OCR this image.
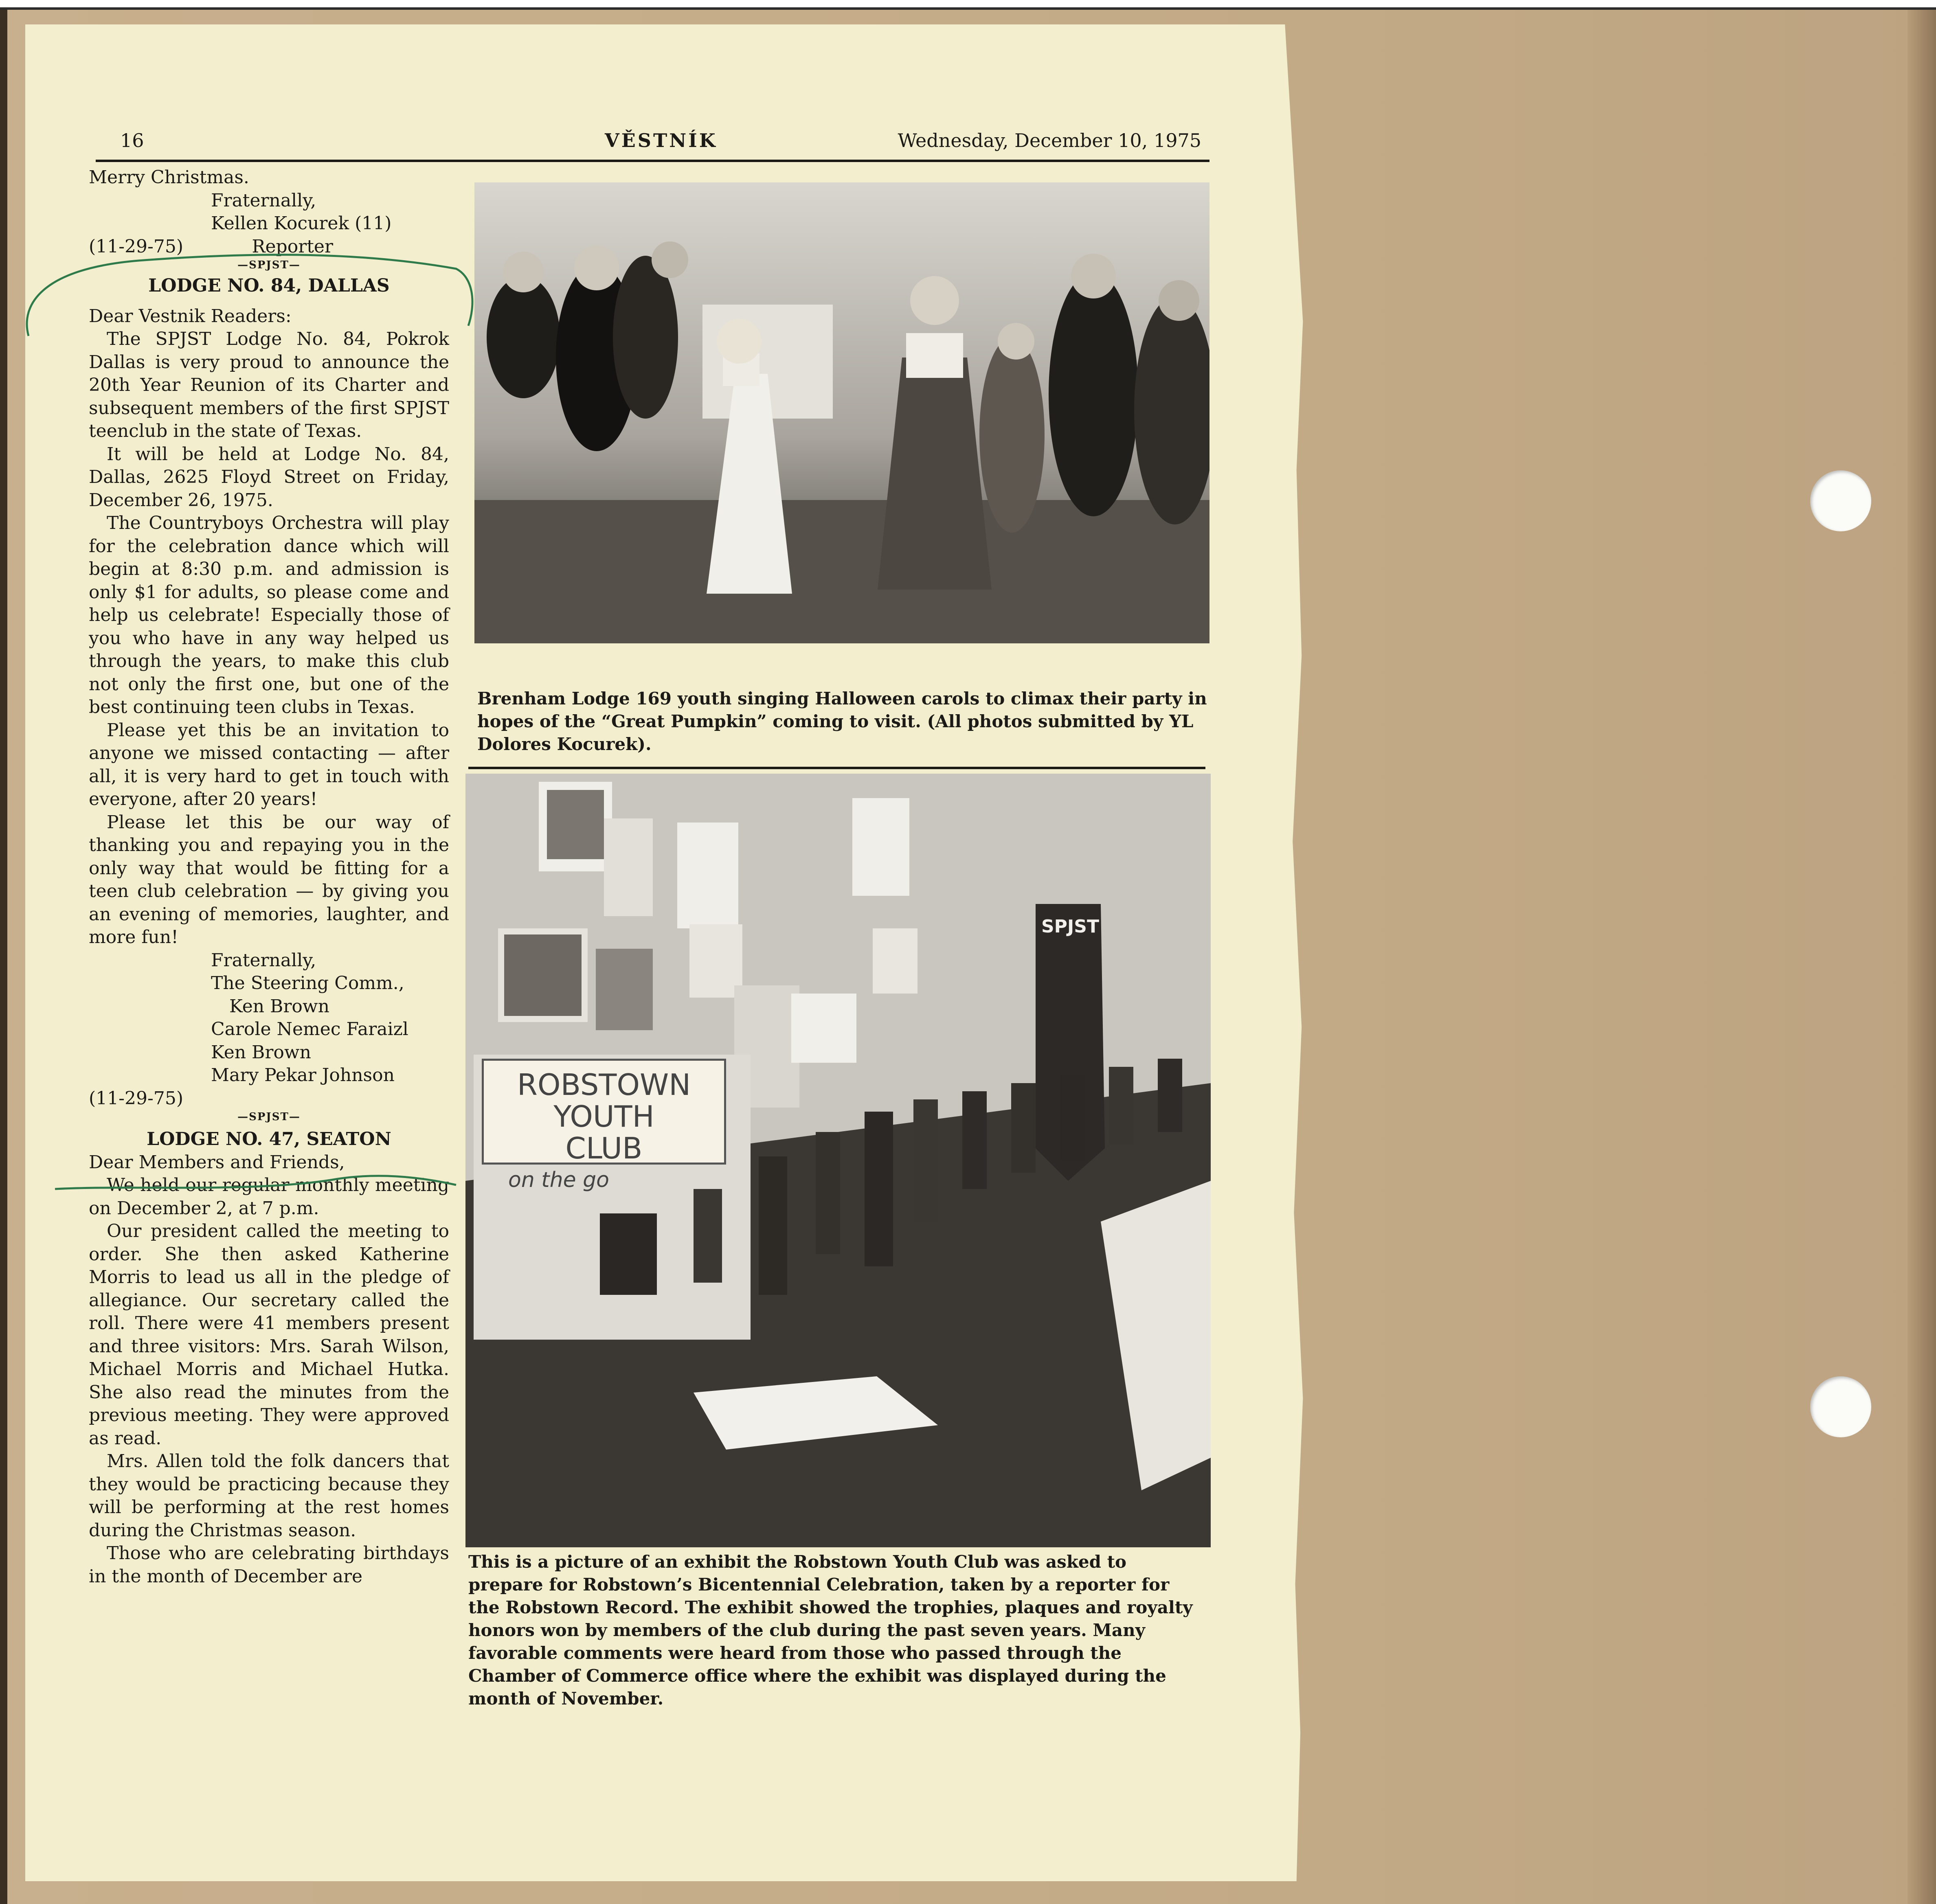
16	VĚSTNÍK	Wednesday, December 10, 1975

Merry Christmas.

Fraternally,

Kellen Kocurek (11)

(11-29-75)	Reporter

—SPJST—

LODGE NO. 84, DALLAS

Dear Vestnik Readers:

The SPJST Lodge No. 84, Pokrok Dallas is very proud to announce the 20th Year Reunion of its Charter and subsequent members of the first SPJST teenclub in the state of Texas.

It will be held at Lodge No. 84, Dallas, 2625 Floyd Street on Friday, December 26, 1975.

The Countryboys Orchestra will play for the celebration dance which will begin at 8:30 p.m. and admission is only $1 for adults, so please come and help us celebrate! Especially those of you who have in any way helped us through the years, to make this club not only the first one, but one of the best continuing teen clubs in Texas.

Please yet this be an invitation to anyone we missed contacting — after all, it is very hard to get in touch with everyone, after 20 years!

Please let this be our way of thanking you and repaying you in the only way that would be fitting for a teen club celebration — by giving you an evening of memories, laughter, and more fun!

Fraternally,

The Steering Comm.,

Ken Brown

Carole Nemec Faraizl

Ken Brown

Mary Pekar Johnson

(11-29-75)

—SPJST—

LODGE NO. 47, SEATON

Dear Members and Friends,

We held our regular monthly meeting on December 2, at 7 p.m.

Our president called the meeting to order. She then asked Katherine Morris to lead us all in the pledge of allegiance. Our secretary called the roll. There were 41 members present and three visitors: Mrs. Sarah Wilson, Michael Morris and Michael Hutka. She also read the minutes from the previous meeting. They were approved as read.

Mrs. Allen told the folk dancers that they would be practicing because they will be performing at the rest homes during the Christmas season.

Those who are celebrating birthdays in the month of December are

Brenham Lodge 169 youth singing Halloween carols to climax their party in hopes of the “Great Pumpkin” coming to visit. (All photos submitted by YL Dolores Kocurek).
ROBSTOWN YOUTH
CLUB
on the go
SPJST
This is a picture of an exhibit the Robstown Youth Club was asked to prepare for Robstown’s Bicentennial Celebration, taken by a reporter for the Robstown Record. The exhibit showed the trophies, plaques and royalty honors won by members of the club during the past seven years. Many favorable comments were heard from those who passed through the Chamber of Commerce office where the exhibit was displayed during the month of November.
